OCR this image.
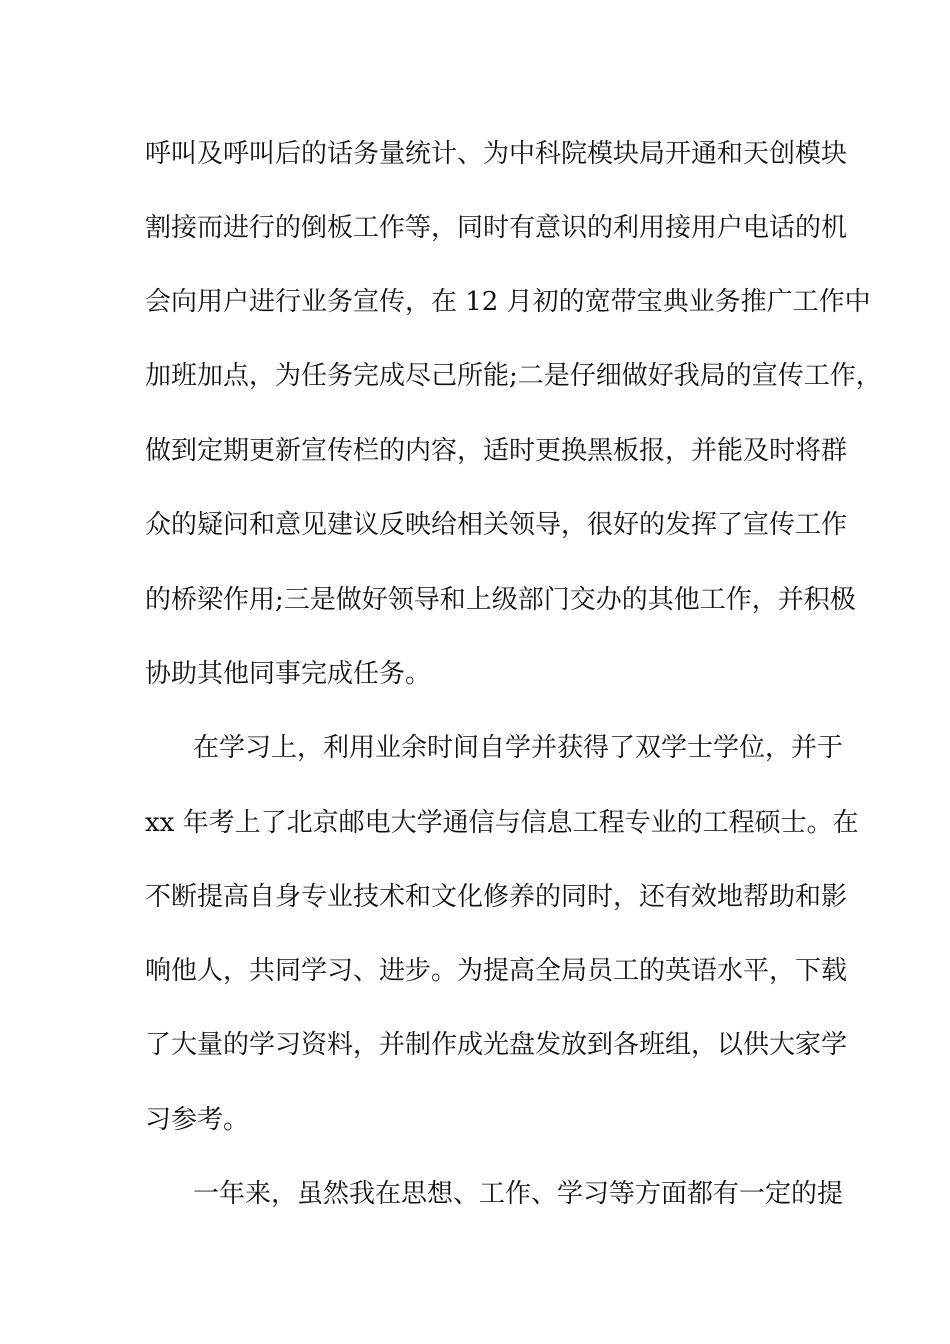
呼叫及呼叫后的话务量统计、为中科院模块局开通和天创模块
割接而进行的倒板工作等，同时有意识的利用接用户电话的机
会向用户进行业务宣传，在 12 月初的宽带宝典业务推广工作中
加班加点，为任务完成尽己所能;二是仔细做好我局的宣传工作，
做到定期更新宣传栏的内容，适时更换黑板报，并能及时将群
众的疑问和意见建议反映给相关领导，很好的发挥了宣传工作
的桥梁作用;三是做好领导和上级部门交办的其他工作，并积极
协助其他同事完成任务。
在学习上，利用业余时间自学并获得了双学士学位，并于
xx 年考上了北京邮电大学通信与信息工程专业的工程硕士。在
不断提高自身专业技术和文化修养的同时，还有效地帮助和影
响他人，共同学习、进步。为提高全局员工的英语水平，下载
了大量的学习资料，并制作成光盘发放到各班组，以供大家学
习参考。
一年来，虽然我在思想、工作、学习等方面都有一定的提
